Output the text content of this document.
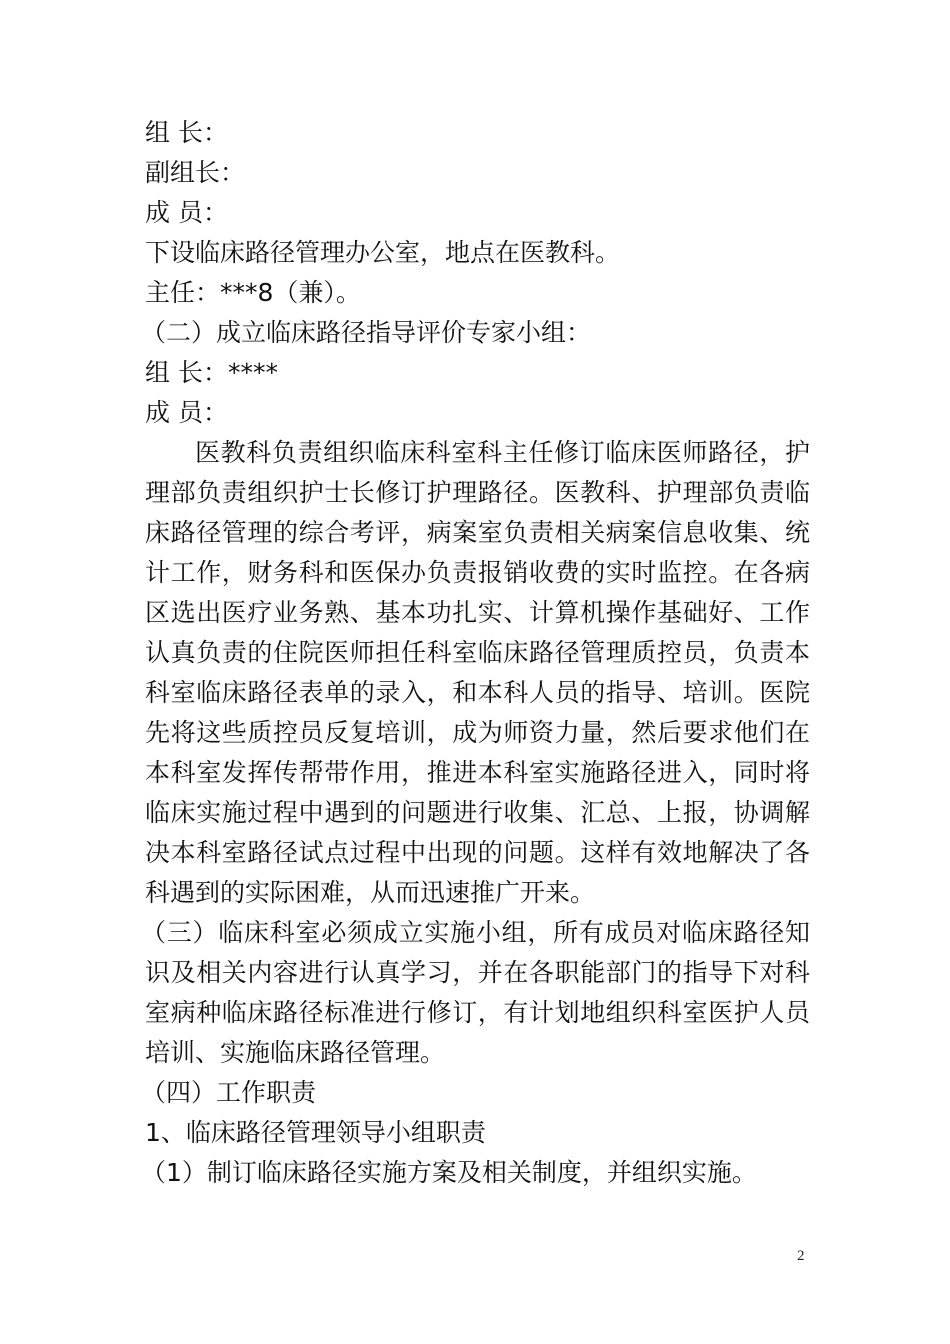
组 长：
副组长：
成 员：
下设临床路径管理办公室，地点在医教科。
主任：***8（兼）。
（二）成立临床路径指导评价专家小组：
组 长：****
成 员：
医教科负责组织临床科室科主任修订临床医师路径，护理部负责组织护士长修订护理路径。医教科、护理部负责临床路径管理的综合考评，病案室负责相关病案信息收集、统计工作，财务科和医保办负责报销收费的实时监控。在各病区选出医疗业务熟、基本功扎实、计算机操作基础好、工作认真负责的住院医师担任科室临床路径管理质控员，负责本科室临床路径表单的录入，和本科人员的指导、培训。医院先将这些质控员反复培训，成为师资力量，然后要求他们在本科室发挥传帮带作用，推进本科室实施路径进入，同时将临床实施过程中遇到的问题进行收集、汇总、上报，协调解决本科室路径试点过程中出现的问题。这样有效地解决了各科遇到的实际困难，从而迅速推广开来。
（三）临床科室必须成立实施小组，所有成员对临床路径知识及相关内容进行认真学习，并在各职能部门的指导下对科室病种临床路径标准进行修订，有计划地组织科室医护人员培训、实施临床路径管理。
（四）工作职责
1、临床路径管理领导小组职责
（1）制订临床路径实施方案及相关制度，并组织实施。
2
